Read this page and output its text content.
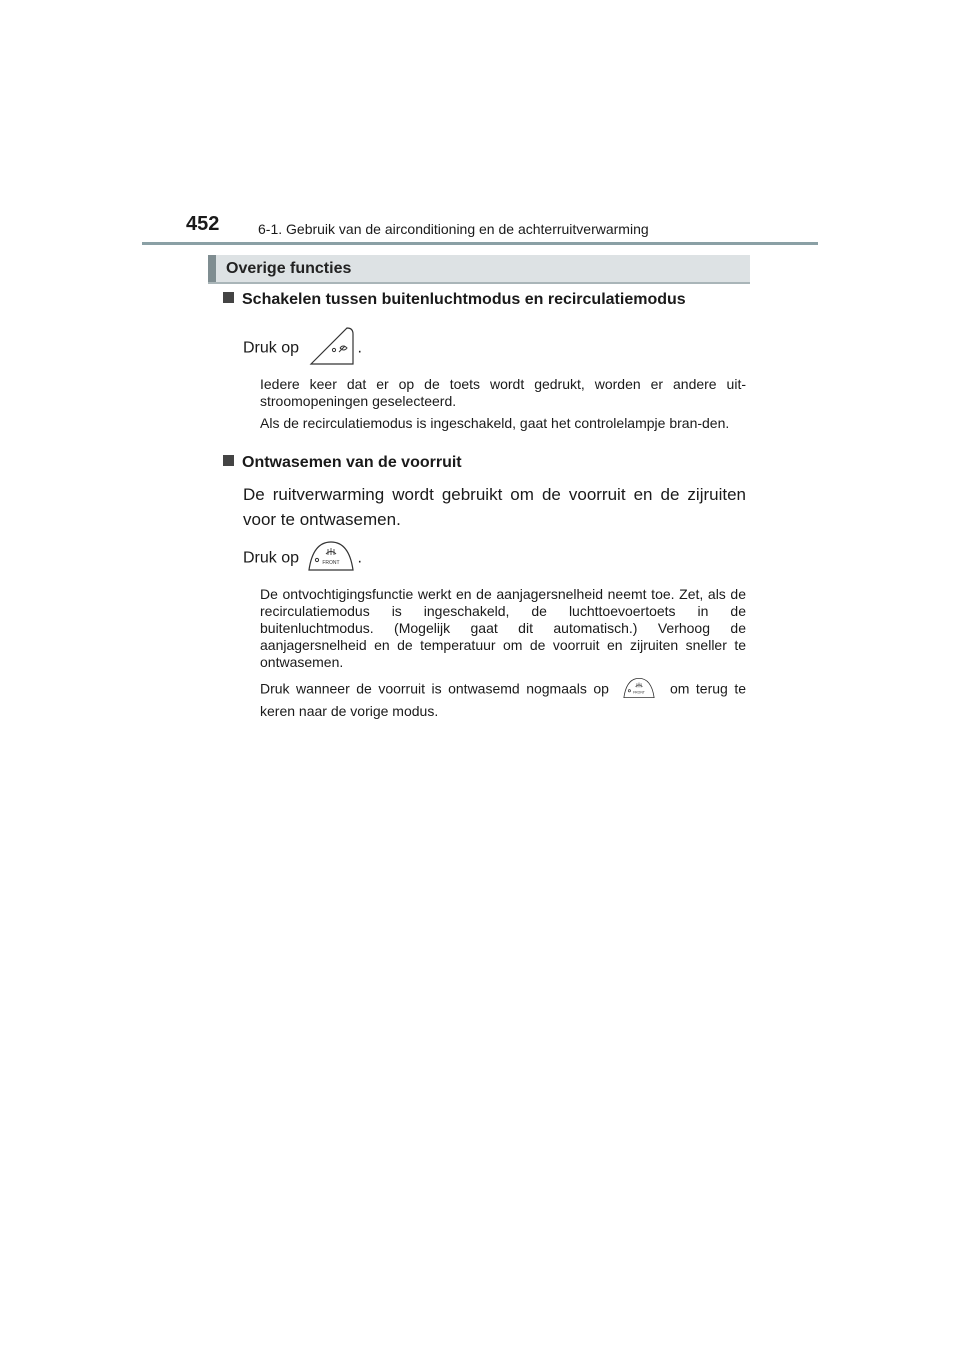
452	6-1. Gebruik van de airconditioning en de achterruitverwarming
Overige functies
Schakelen tussen buitenluchtmodus en recirculatiemodus
Druk op	.
Iedere keer dat er op de toets wordt gedrukt, worden er andere uit-stroomopeningen geselecteerd.
Als de recirculatiemodus is ingeschakeld, gaat het controlelampje bran-den.
Ontwasemen van de voorruit
De ruitverwarming wordt gebruikt om de voorruit en de zijruiten voor te ontwasemen.
Druk op	FRONT .
De ontvochtigingsfunctie werkt en de aanjagersnelheid neemt toe. Zet, als de recirculatiemodus is ingeschakeld, de luchttoevoertoets in de buitenluchtmodus. (Mogelijk gaat dit automatisch.) Verhoog de aanjagersnelheid en de temperatuur om de voorruit en zijruiten sneller te ontwasemen.
Druk wanneer de voorruit is ontwasemd nogmaals op	FRONT om terug te keren naar de vorige modus.
